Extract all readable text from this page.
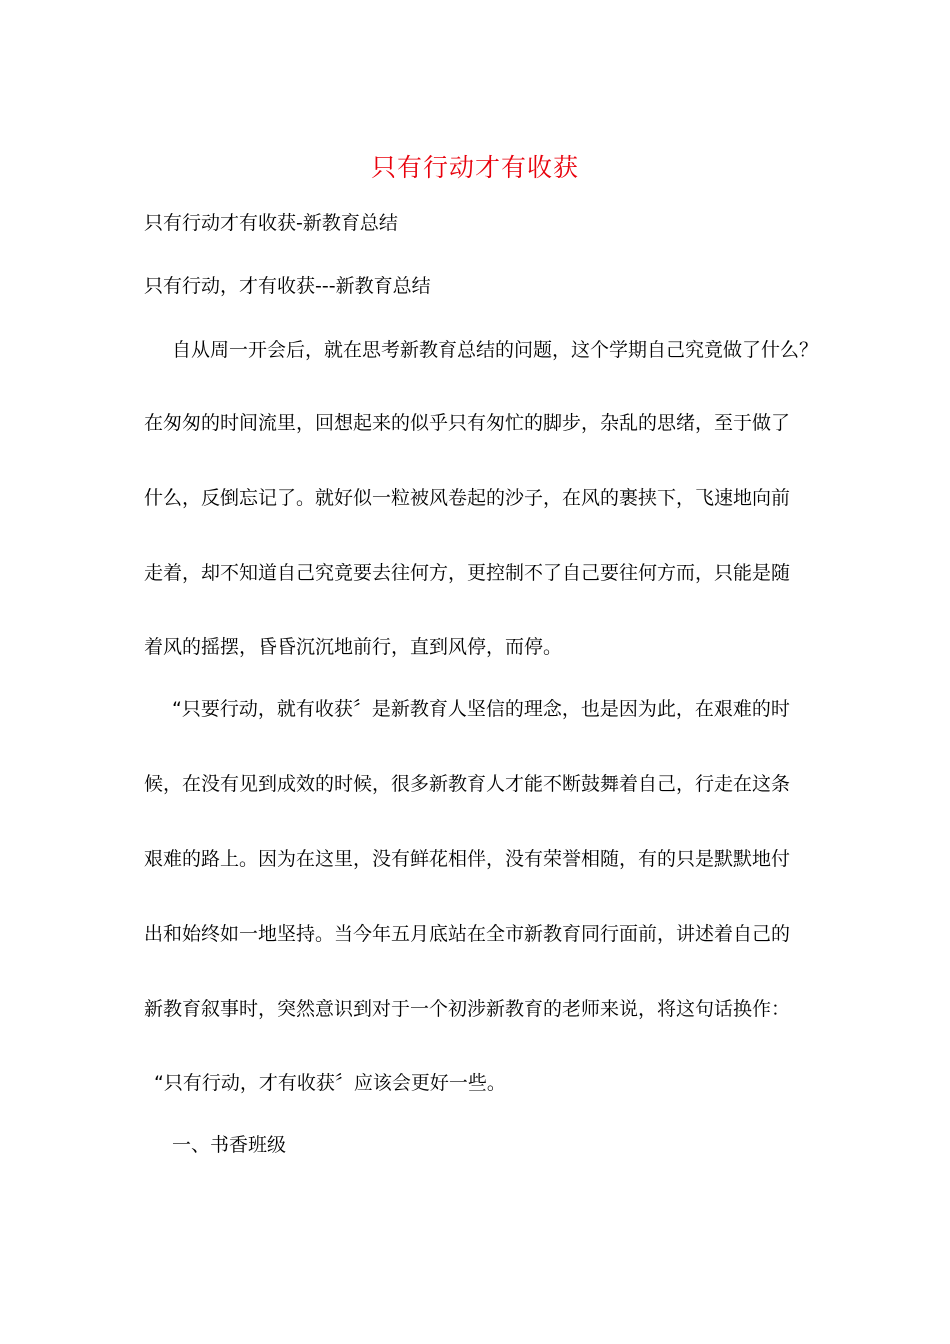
只有行动才有收获
只有行动才有收获-新教育总结
只有行动，才有收获---新教育总结
自从周一开会后，就在思考新教育总结的问题，这个学期自己究竟做了什么？
在匆匆的时间流里，回想起来的似乎只有匆忙的脚步，杂乱的思绪，至于做了
什么，反倒忘记了。就好似一粒被风卷起的沙子，在风的裹挟下，飞速地向前
走着，却不知道自己究竟要去往何方，更控制不了自己要往何方而，只能是随
着风的摇摆，昏昏沉沉地前行，直到风停，而停。
“只要行动，就有收获〞是新教育人坚信的理念，也是因为此，在艰难的时
候，在没有见到成效的时候，很多新教育人才能不断鼓舞着自己，行走在这条
艰难的路上。因为在这里，没有鲜花相伴，没有荣誉相随，有的只是默默地付
出和始终如一地坚持。当今年五月底站在全市新教育同行面前，讲述着自己的
新教育叙事时，突然意识到对于一个初涉新教育的老师来说，将这句话换作：
“只有行动，才有收获〞应该会更好一些。
一、书香班级
